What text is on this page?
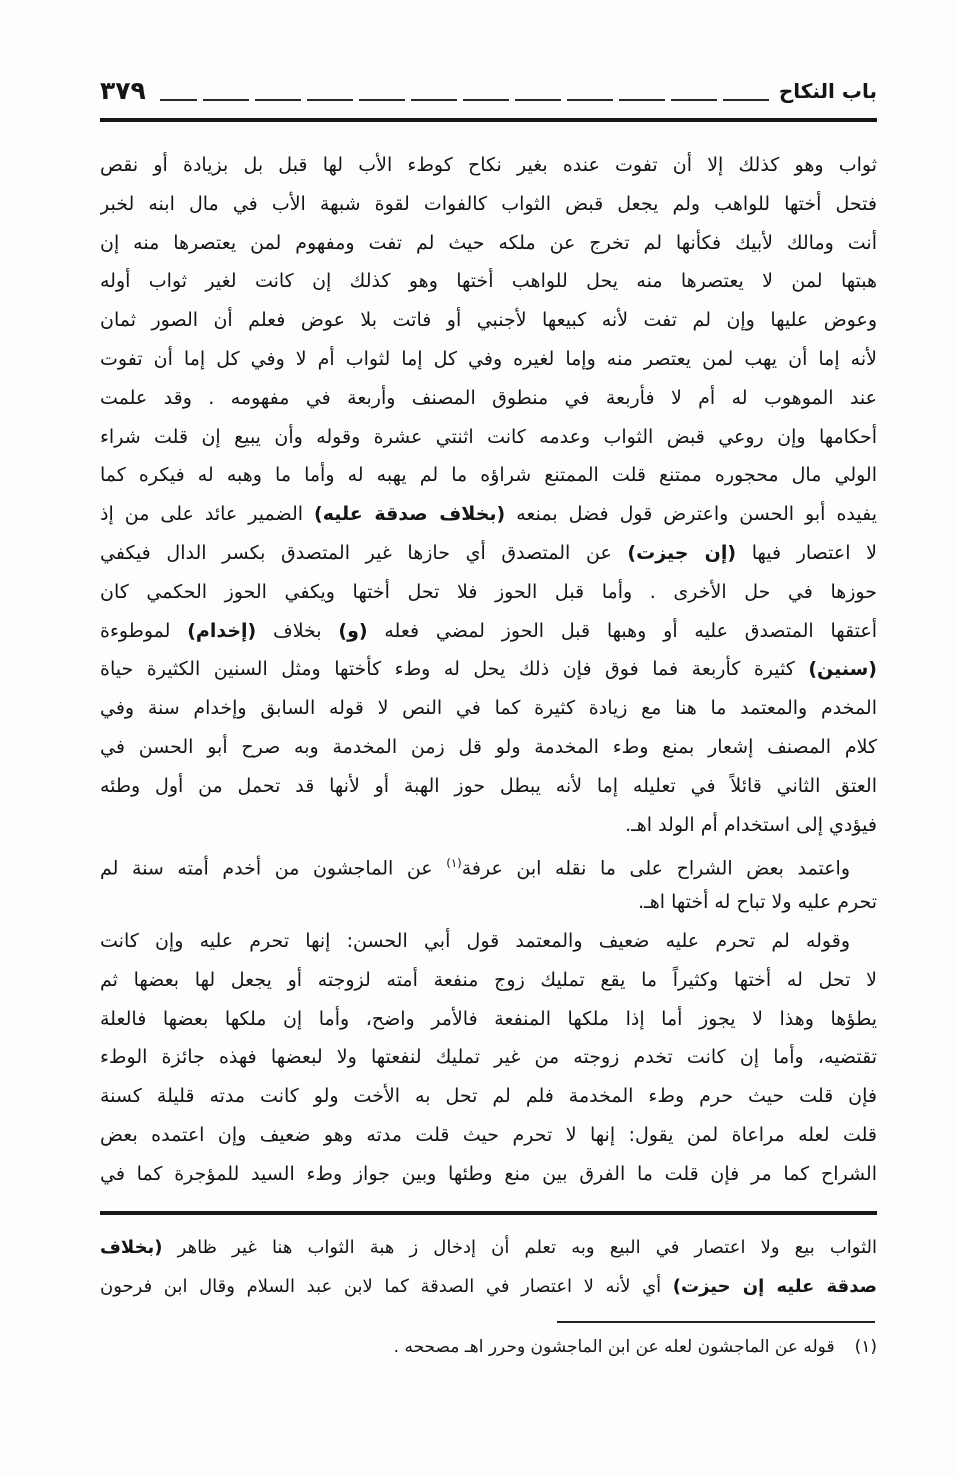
باب النكاح
٣٧٩
ثواب وهو كذلك إلا أن تفوت عنده بغير نكاح كوطء الأب لها قبل بل بزيادة أو نقص
فتحل أختها للواهب ولم يجعل قبض الثواب كالفوات لقوة شبهة الأب في مال ابنه لخبر
أنت ومالك لأبيك فكأنها لم تخرج عن ملكه حيث لم تفت ومفهوم لمن يعتصرها منه إن
هبتها لمن لا يعتصرها منه يحل للواهب أختها وهو كذلك إن كانت لغير ثواب أوله
وعوض عليها وإن لم تفت لأنه كبيعها لأجنبي أو فاتت بلا عوض فعلم أن الصور ثمان
لأنه إما أن يهب لمن يعتصر منه وإما لغيره وفي كل إما لثواب أم لا وفي كل إما أن تفوت
عند الموهوب له أم لا فأربعة في منطوق المصنف وأربعة في مفهومه . وقد علمت
أحكامها وإن روعي قبض الثواب وعدمه كانت اثنتي عشرة وقوله وأن يبيع إن قلت شراء
الولي مال محجوره ممتنع قلت الممتنع شراؤه ما لم يهبه له وأما ما وهبه له فيكره كما
يفيده أبو الحسن واعترض قول فضل بمنعه (بخلاف صدقة عليه) الضمير عائد على من إذ
لا اعتصار فيها (إن جيزت) عن المتصدق أي حازها غير المتصدق بكسر الدال فيكفي
حوزها في حل الأخرى . وأما قبل الحوز فلا تحل أختها ويكفي الحوز الحكمي كان
أعتقها المتصدق عليه أو وهبها قبل الحوز لمضي فعله (و) بخلاف (إخدام) لموطوءة
(سنين) كثيرة كأربعة فما فوق فإن ذلك يحل له وطء كأختها ومثل السنين الكثيرة حياة
المخدم والمعتمد ما هنا مع زيادة كثيرة كما في النص لا قوله السابق وإخدام سنة وفي
كلام المصنف إشعار بمنع وطء المخدمة ولو قل زمن المخدمة وبه صرح أبو الحسن في
العتق الثاني قائلاً في تعليله إما لأنه يبطل حوز الهبة أو لأنها قد تحمل من أول وطئه
فيؤدي إلى استخدام أم الولد اهـ.
واعتمد بعض الشراح على ما نقله ابن عرفة$^{(١)}$ عن الماجشون من أخدم أمته سنة لم
تحرم عليه ولا تباح له أختها اهـ.
وقوله لم تحرم عليه ضعيف والمعتمد قول أبي الحسن: إنها تحرم عليه وإن كانت
لا تحل له أختها وكثيراً ما يقع تمليك زوج منفعة أمته لزوجته أو يجعل لها بعضها ثم
يطؤها وهذا لا يجوز أما إذا ملكها المنفعة فالأمر واضح، وأما إن ملكها بعضها فالعلة
تقتضيه، وأما إن كانت تخدم زوجته من غير تمليك لنفعتها ولا لبعضها فهذه جائزة الوطء
فإن قلت حيث حرم وطء المخدمة فلم لم تحل به الأخت ولو كانت مدته قليلة كسنة
قلت لعله مراعاة لمن يقول: إنها لا تحرم حيث قلت مدته وهو ضعيف وإن اعتمده بعض
الشراح كما مر فإن قلت ما الفرق بين منع وطئها وبين جواز وطء السيد للمؤجرة كما في
الثواب بيع ولا اعتصار في البيع وبه تعلم أن إدخال ز هبة الثواب هنا غير ظاهر (بخلاف
صدقة عليه إن حيزت) أي لأنه لا اعتصار في الصدقة كما لابن عبد السلام وقال ابن فرحون
(١)قوله عن الماجشون لعله عن ابن الماجشون وحرر اهـ مصححه .
